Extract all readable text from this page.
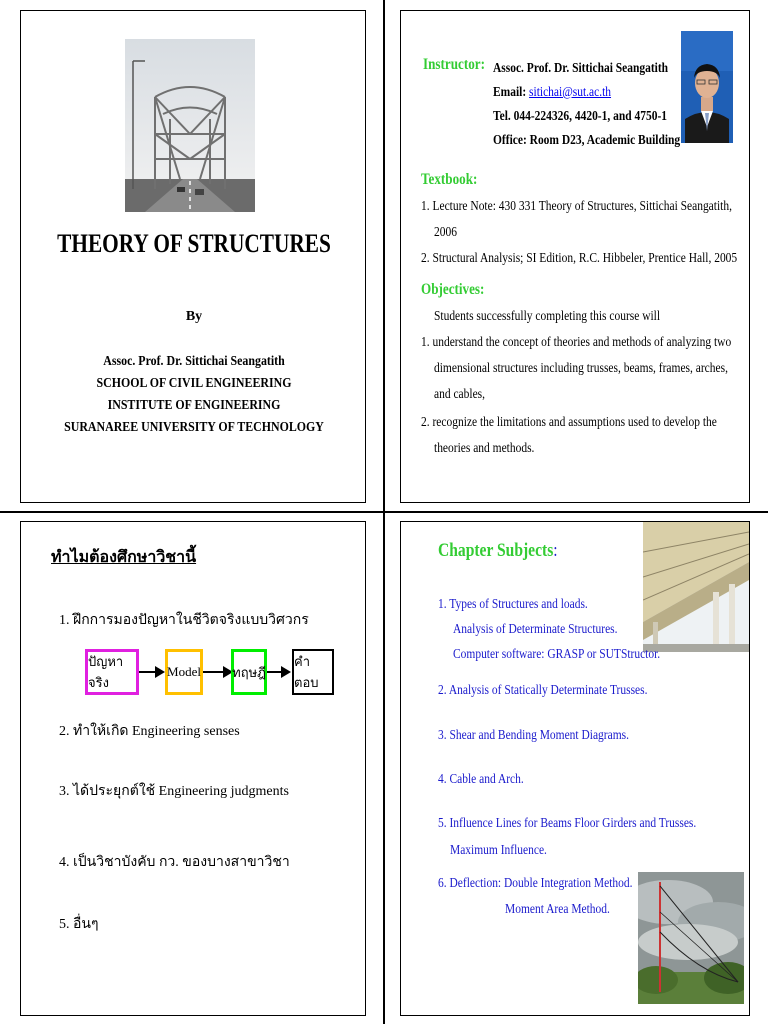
THEORY OF STRUCTURES
By
Assoc. Prof. Dr. Sittichai Seangatith
SCHOOL OF CIVIL ENGINEERING
INSTITUTE OF ENGINEERING
SURANAREE UNIVERSITY OF TECHNOLOGY
Instructor: Assoc. Prof. Dr. Sittichai Seangatith
Email: sitichai@sut.ac.th
Tel. 044-224326, 4420-1, and 4750-1
Office: Room D23, Academic Building
Textbook:
1. Lecture Note: 430 331 Theory of Structures, Sittichai Seangatith,
2006
2. Structural Analysis; SI Edition, R.C. Hibbeler, Prentice Hall, 2005
Objectives:
Students successfully completing this course will
1. understand the concept of theories and methods of analyzing two
dimensional structures including trusses, beams, frames, arches,
and cables,
2. recognize the limitations and assumptions used to develop the
theories and methods.
ทำไมต้องศึกษาวิชานี้
1. ฝึกการมองปัญหาในชีวิตจริงแบบวิศวกร
ปัญหาจริง
Model ทฤษฎี
คำตอบ
2. ทำให้เกิด Engineering senses
3. ได้ประยุกต์ใช้ Engineering judgments
4. เป็นวิชาบังคับ กว. ของบางสาขาวิชา
5. อื่นๆ
Chapter Subjects:
1. Types of Structures and loads.
Analysis of Determinate Structures.
Computer software: GRASP or SUTStructor.
2. Analysis of Statically Determinate Trusses.
3. Shear and Bending Moment Diagrams.
4. Cable and Arch.
5. Influence Lines for Beams Floor Girders and Trusses.
Maximum Influence.
6. Deflection: Double Integration Method.
Moment Area Method.
